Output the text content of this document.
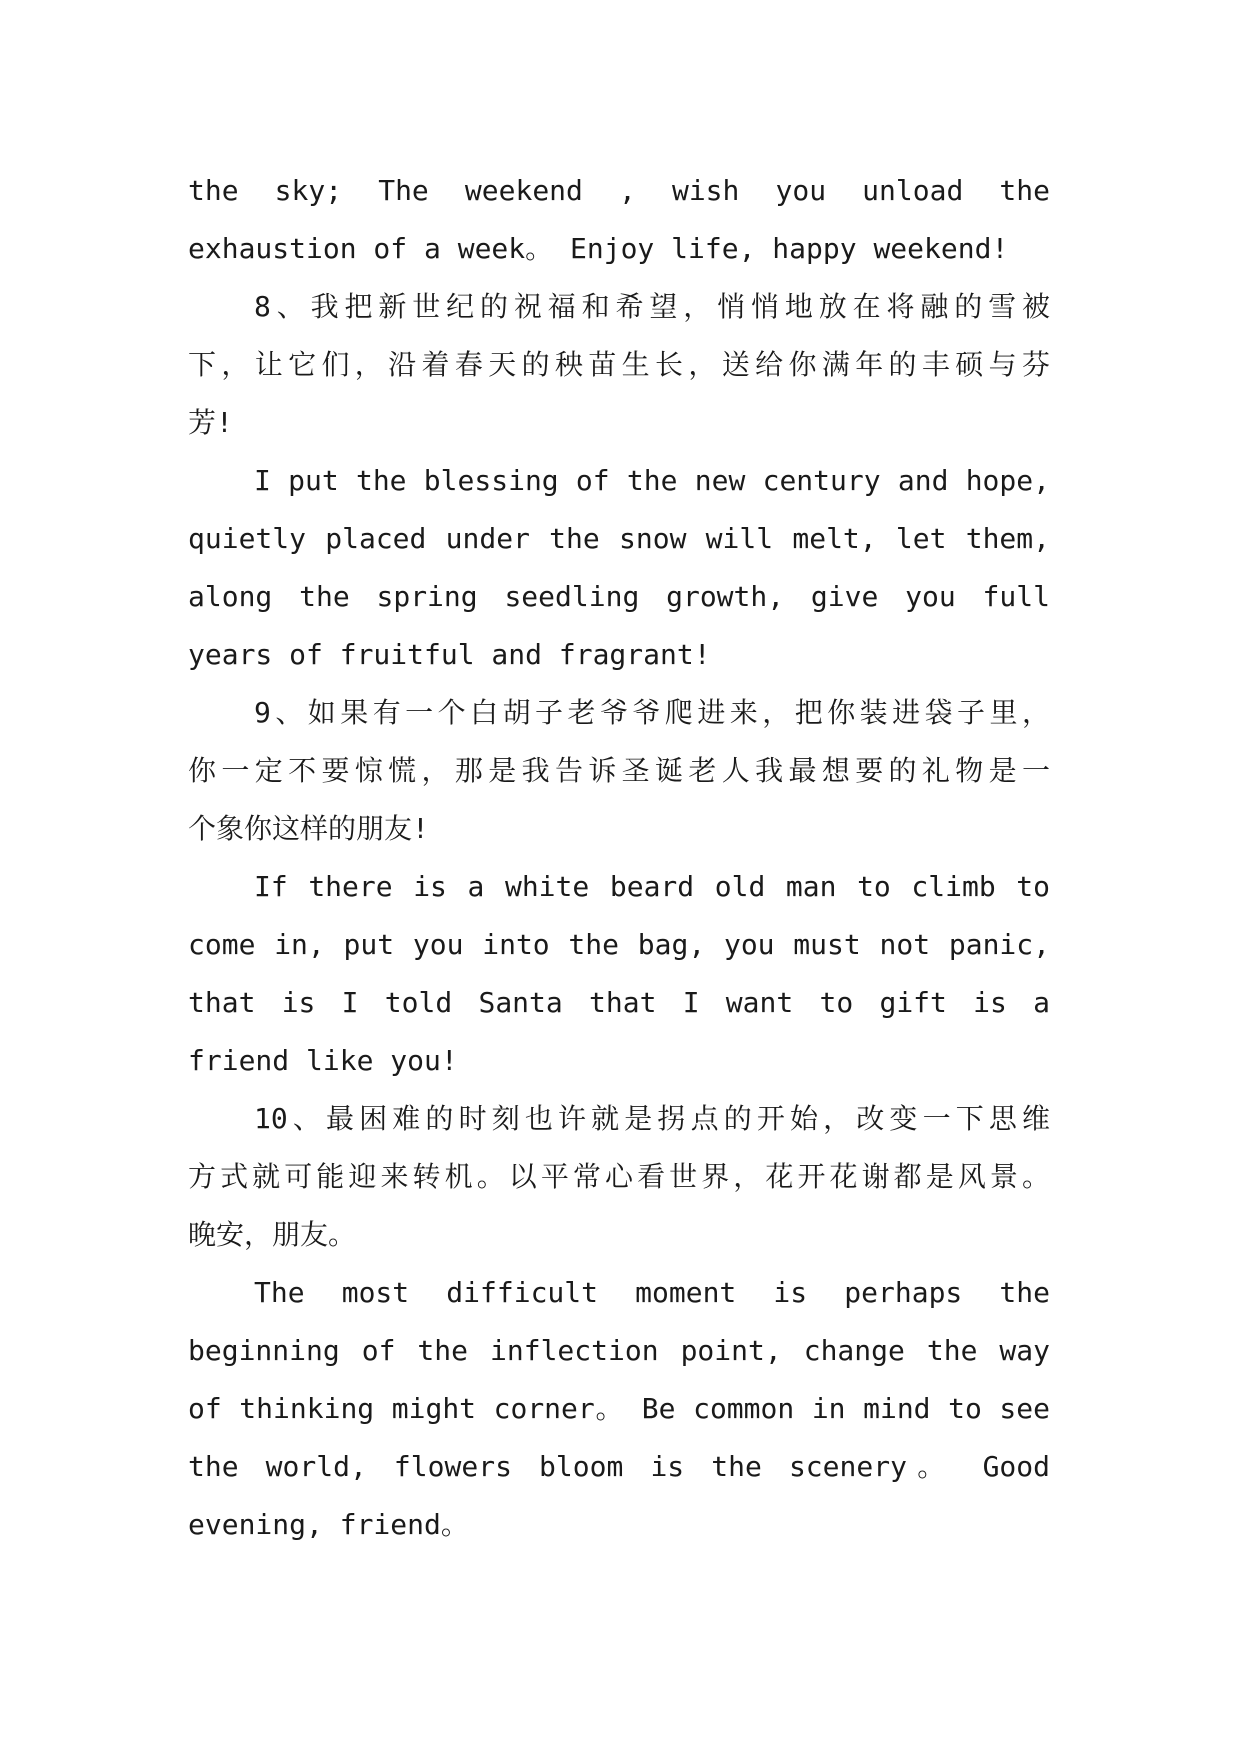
the sky; The weekend , wish you unload the
exhaustion of a week。 Enjoy life, happy weekend!
8、我把新世纪的祝福和希望，悄悄地放在将融的雪被
下，让它们，沿着春天的秧苗生长，送给你满年的丰硕与芬
芳!
I put the blessing of the new century and hope,
quietly placed under the snow will melt, let them,
along the spring seedling growth, give you full
years of fruitful and fragrant!
9、如果有一个白胡子老爷爷爬进来，把你装进袋子里，
你一定不要惊慌，那是我告诉圣诞老人我最想要的礼物是一
个象你这样的朋友!
If there is a white beard old man to climb to
come in, put you into the bag, you must not panic,
that is I told Santa that I want to gift is a
friend like you!
10、最困难的时刻也许就是拐点的开始，改变一下思维
方式就可能迎来转机。以平常心看世界，花开花谢都是风景。
晚安，朋友。
The most difficult moment is perhaps the
beginning of the inflection point, change the way
of thinking might corner。 Be common in mind to see
the world, flowers bloom is the scenery。 Good
evening, friend。
